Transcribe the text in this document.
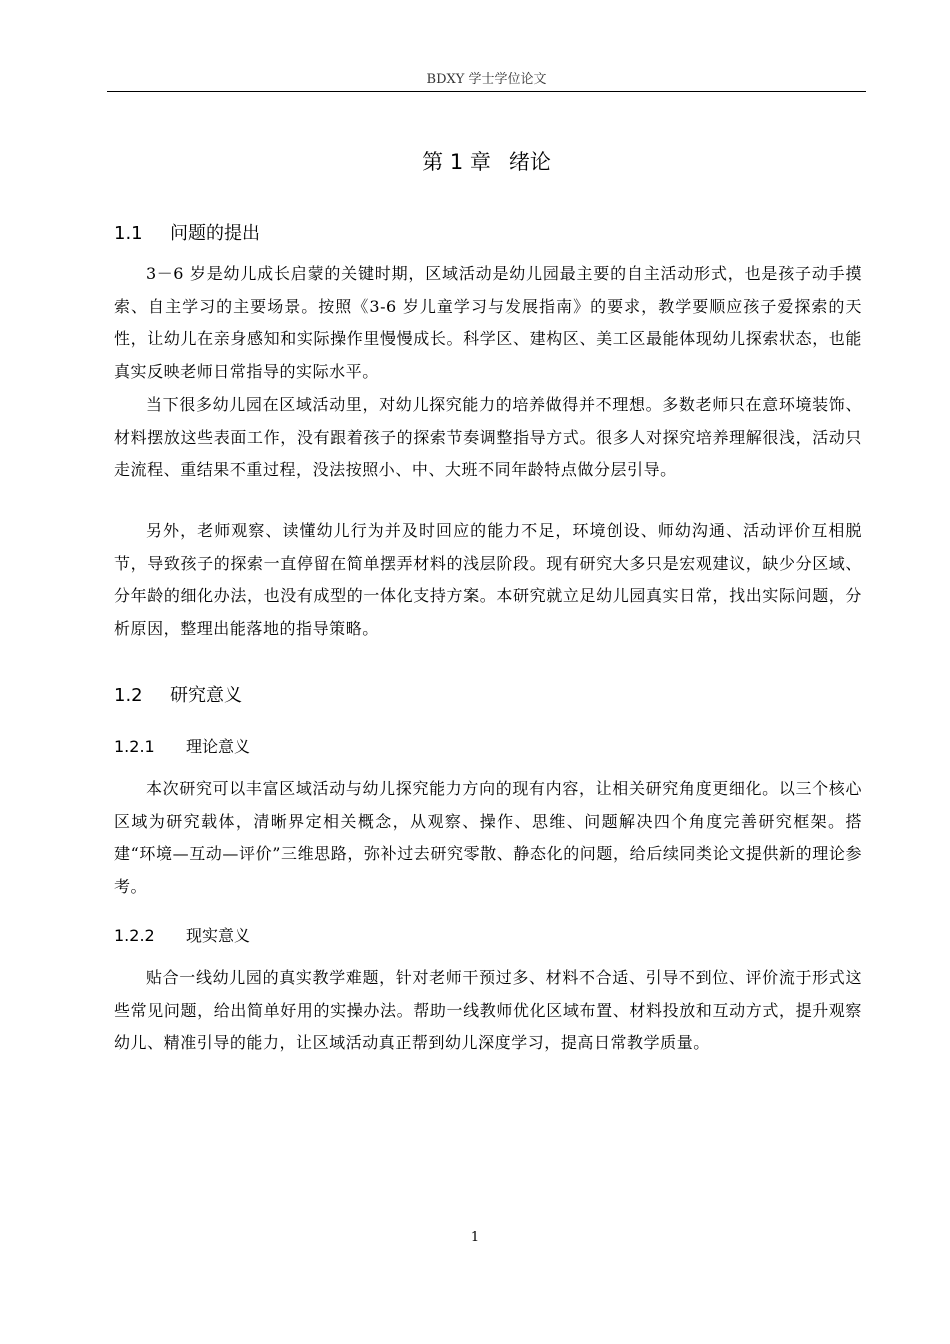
BDXY 学士学位论文
第 1 章 绪论
1.1 问题的提出

3－6 岁是幼儿成长启蒙的关键时期，区域活动是幼儿园最主要的自主活动形式，也是孩子动手摸索、自主学习的主要场景。按照《3-6 岁儿童学习与发展指南》的要求，教学要顺应孩子爱探索的天性，让幼儿在亲身感知和实际操作里慢慢成长。科学区、建构区、美工区最能体现幼儿探索状态，也能真实反映老师日常指导的实际水平。

当下很多幼儿园在区域活动里，对幼儿探究能力的培养做得并不理想。多数老师只在意环境装饰、材料摆放这些表面工作，没有跟着孩子的探索节奏调整指导方式。很多人对探究培养理解很浅，活动只走流程、重结果不重过程，没法按照小、中、大班不同年龄特点做分层引导。

另外，老师观察、读懂幼儿行为并及时回应的能力不足，环境创设、师幼沟通、活动评价互相脱节，导致孩子的探索一直停留在简单摆弄材料的浅层阶段。现有研究大多只是宏观建议，缺少分区域、分年龄的细化办法，也没有成型的一体化支持方案。本研究就立足幼儿园真实日常，找出实际问题，分析原因，整理出能落地的指导策略。

1.2 研究意义
1.2.1 理论意义

本次研究可以丰富区域活动与幼儿探究能力方向的现有内容，让相关研究角度更细化。以三个核心区域为研究载体，清晰界定相关概念，从观察、操作、思维、问题解决四个角度完善研究框架。搭建“环境—互动—评价”三维思路，弥补过去研究零散、静态化的问题，给后续同类论文提供新的理论参考。

1.2.2 现实意义

贴合一线幼儿园的真实教学难题，针对老师干预过多、材料不合适、引导不到位、评价流于形式这些常见问题，给出简单好用的实操办法。帮助一线教师优化区域布置、材料投放和互动方式，提升观察幼儿、精准引导的能力，让区域活动真正帮到幼儿深度学习，提高日常教学质量。

1
